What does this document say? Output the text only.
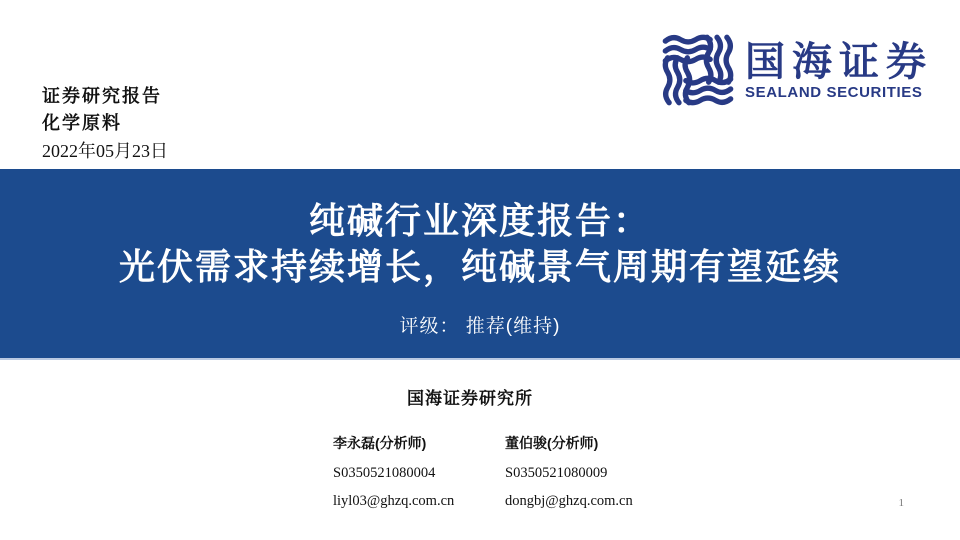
证券研究报告
化学原料
2022年05月23日
国海证券
SEALAND SECURITIES
纯碱行业深度报告：
光伏需求持续增长，纯碱景气周期有望延续
评级： 推荐(维持)
国海证券研究所
李永磊(分析师)
S0350521080004
liyl03@ghzq.com.cn
董伯骏(分析师)
S0350521080009
dongbj@ghzq.com.cn	1
